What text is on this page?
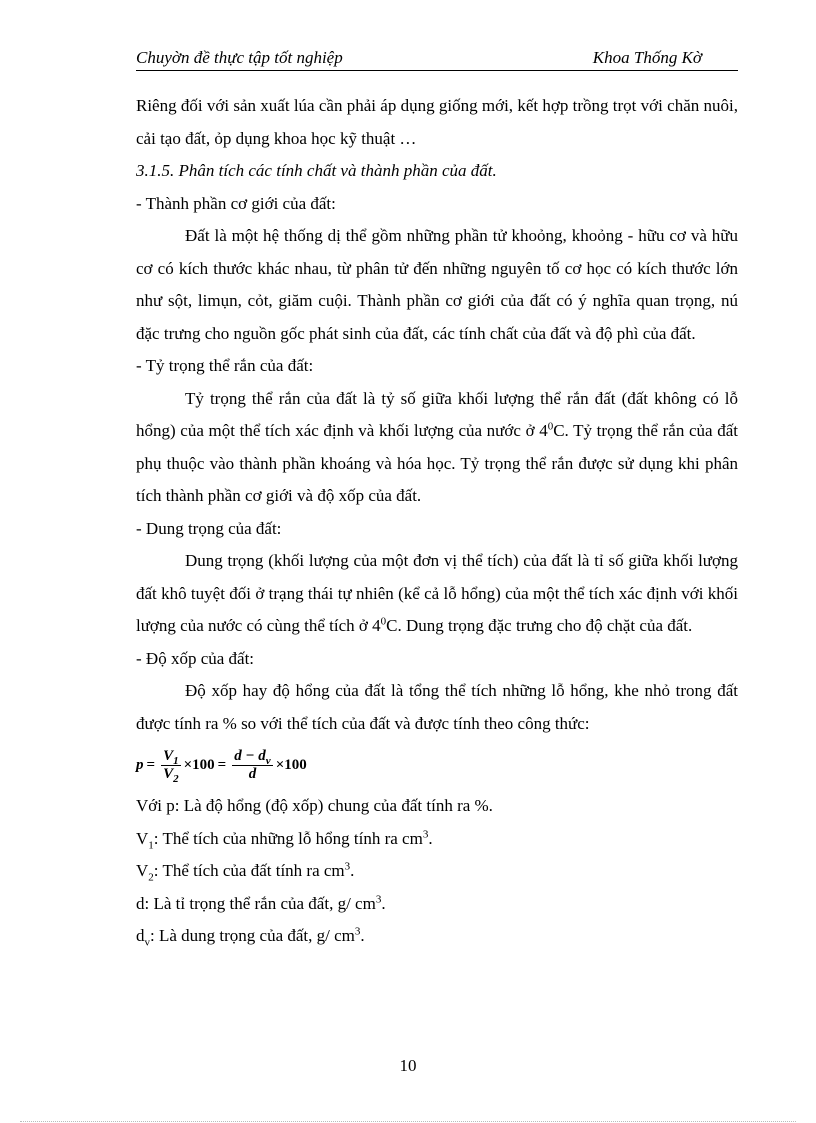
Chuyờn đề thực tập tốt nghiệp	Khoa Thống Kờ

Riêng đối với sản xuất lúa cần phải áp dụng giống mới, kết hợp trồng trọt với chăn nuôi, cải tạo đất, ỏp dụng khoa học kỹ thuật …

3.1.5. Phân tích các tính chất và thành phần của đất.

- Thành phần cơ giới của đất:

Đất là một hệ thống dị thể gồm những phần tử khoỏng, khoỏng - hữu cơ và hữu cơ có kích thước khác nhau, từ phân tử đến những nguyên tố cơ học có kích thước lớn như sột, limụn, cỏt, giăm cuội. Thành phần cơ giới của đất có ý nghĩa quan trọng, nú đặc trưng cho nguồn gốc phát sinh của đất, các tính chất của đất và độ phì của đất.

- Tỷ trọng thể rắn của đất:

Tỷ trọng thể rắn của đất là tỷ số giữa khối lượng thể rắn đất (đất không có lỗ hổng) của một thể tích xác định và khối lượng của nước ở $4^0C$. Tỷ trọng thể rắn của đất phụ thuộc vào thành phần khoáng và hóa học. Tỷ trọng thể rắn được sử dụng khi phân tích thành phần cơ giới và độ xốp của đất.

- Dung trọng của đất:

Dung trọng (khối lượng của một đơn vị thể tích) của đất là tỉ số giữa khối lượng đất khô tuyệt đối ở trạng thái tự nhiên (kể cả lỗ hổng) của một thể tích xác định với khối lượng của nước có cùng thể tích ở $4^0C$. Dung trọng đặc trưng cho độ chặt của đất.

- Độ xốp của đất:

Độ xốp hay độ hổng của đất là tổng thể tích những lỗ hổng, khe nhỏ trong đất được tính ra % so với thể tích của đất và được tính theo công thức:

$p = \frac{V_1}{V_2} \times 100 = \frac{d - d_v}{d} \times 100$

Với p: Là độ hổng (độ xốp) chung của đất tính ra %.

$V_1$: Thể tích của những lỗ hổng tính ra $cm^3$.

$V_2$: Thể tích của đất tính ra $cm^3$.

d: Là tỉ trọng thể rắn của đất, g/ $cm^3$.

$d_v$: Là dung trọng của đất, g/ $cm^3$.

10
